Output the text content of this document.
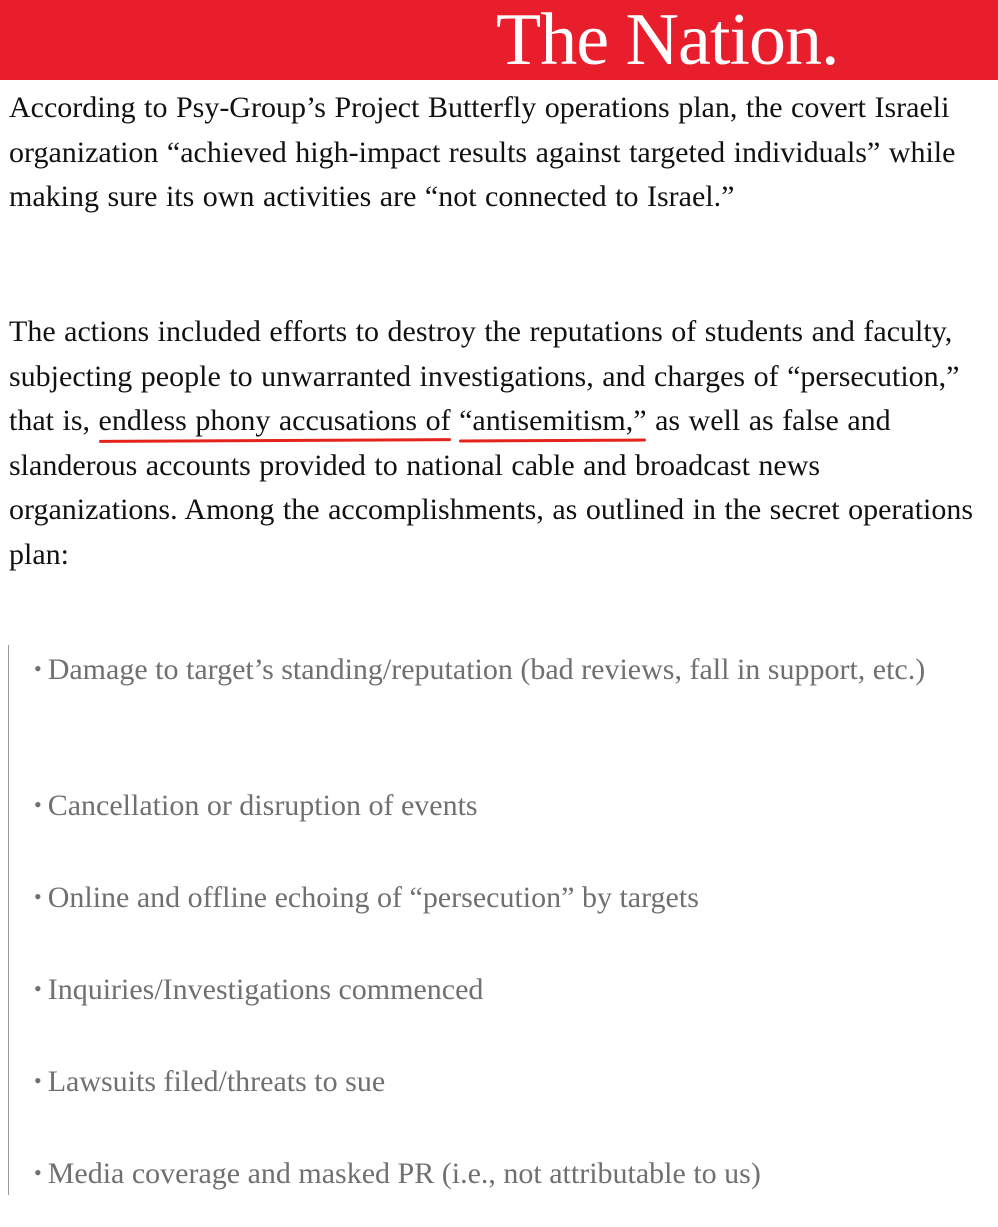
The Nation.

According to Psy-Group’s Project Butterfly operations plan, the covert Israeli organization “achieved high-impact results against targeted individuals” while making sure its own activities are “not connected to Israel.”

The actions included efforts to destroy the reputations of students and faculty, subjecting people to unwarranted investigations, and charges of “persecution,” that is, endless phony accusations of “antisemitism,” as well as false and slanderous accounts provided to national cable and broadcast news organizations. Among the accomplishments, as outlined in the secret operations plan:

• Damage to target’s standing/reputation (bad reviews, fall in support, etc.)
• Cancellation or disruption of events
• Online and offline echoing of “persecution” by targets
• Inquiries/Investigations commenced
• Lawsuits filed/threats to sue
• Media coverage and masked PR (i.e., not attributable to us)
